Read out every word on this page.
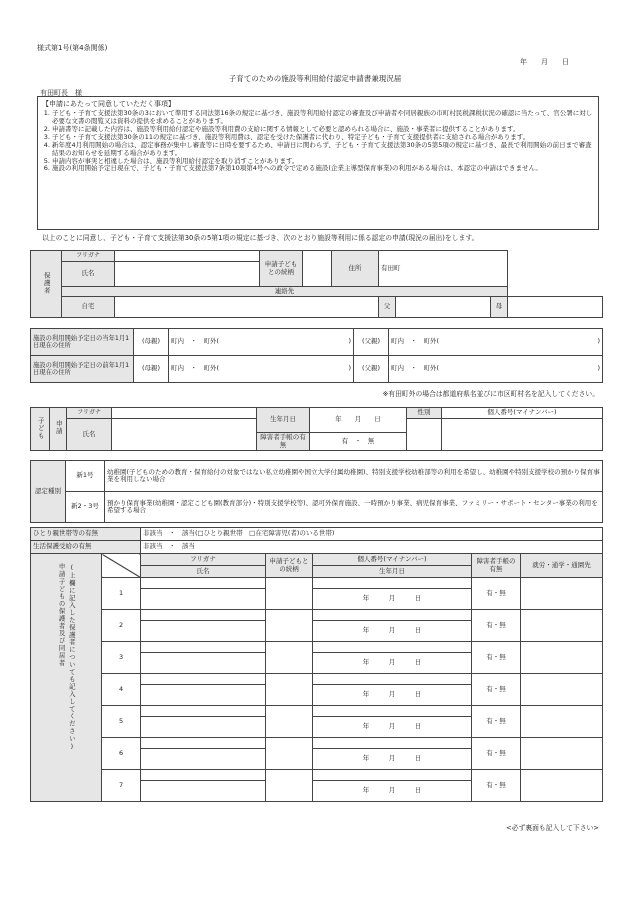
様式第1号(第4条関係)
年　　月　　日
子育てのための施設等利用給付認定申請書兼現況届
有田町長　様
【申請にあたって同意していただく事項】
1. 子ども・子育て支援法第30条の3において準用する同法第16条の規定に基づき、施設等利用給付認定の審査及び申請者や同居親族の市町村民税課税状況の確認に当たって、官公署に対し必要な文書の閲覧又は資料の提供を求めることがあります。
2. 申請書等に記載した内容は、施設等利用給付認定や施設等利用費の支給に関する情報として必要と認められる場合に、施設・事業者に提供することがあります。
3. 子ども・子育て支援法第30条の11の規定に基づき、施設等利用費は、認定を受けた保護者に代わり、特定子ども・子育て支援提供者に支給される場合があります。
4. 新年度4月利用開始の場合は、認定事務が集中し審査等に日時を要するため、申請日に関わらず、子ども・子育て支援法第30条の5第5項の規定に基づき、最長で利用開始の前日まで審査結果のお知らせを延期する場合があります。
5. 申請内容が事実と相違した場合は、施設等利用給付認定を取り消すことがあります。
6. 施設の利用開始予定日現在で、子ども・子育て支援法第7条第10項第4号への政令で定める施設(企業主導型保育事業)の利用がある場合は、本認定の申請はできません。
以上のことに同意し、子ども・子育て支援法第30条の5第1項の規定に基づき、次のとおり施設等利用に係る認定の申請(現況の届出)をします。
保護者	フリガナ		申請子どもとの続柄		住所	有田町			
	氏名								
	連絡先								
	自宅					父		母	
施設の利用開始予定日の当年1月1日現在の住所	(母親)	町内　・　町外( )	(父親)	町内　・　町外( )

施設の利用開始予定日の前年1月1日現在の住所	(母親)	町内　・　町外( )	(父親)	町内　・　町外( )
※有田町外の場合は都道府県名並びに市区町村名を記入してください。
子ども	申請	フリガナ		生年月日	年　　月　　日	性別	個人番号(マイナンバー)
		氏名					
				障害者手帳の有無	有　・　無		
認定種別	新1号	幼稚園(子どものための教育・保育給付の対象ではない私立幼稚園や国立大学付属幼稚園)、特別支援学校幼稚部等の利用を希望し、幼稚園や特別支援学校の預かり保育事業を利用しない場合
	新2・3号	預かり保育事業(幼稚園・認定こども園(教育部分)・特別支援学校等)、認可外保育施設、一時預かり事業、病児保育事業、ファミリー・サポート・センター事業の利用を希望する場合
ひとり親世帯等の有無		非該当　・　該当(□ひとり親世帯　□在宅障害児(者)のいる世帯)				
生活保護受給の有無		非該当　・　該当				

申請子どもの保護者及び同居者 (上欄に記入した保護者についても記入してください)		フリガナ	申請子どもとの続柄	個人番号(マイナンバー)	障害者手帳の有無	就労・通学・通園先
		氏名		生年月日		
	1				有・無	
				年　　　月　　　日		
	2				有・無	
				年　　　月　　　日		
	3				有・無	
				年　　　月　　　日		
	4				有・無	
				年　　　月　　　日		
	5				有・無	
				年　　　月　　　日		
	6				有・無	
				年　　　月　　　日		
	7				有・無	
				年　　　月　　　日		
<必ず裏面も記入して下さい>
